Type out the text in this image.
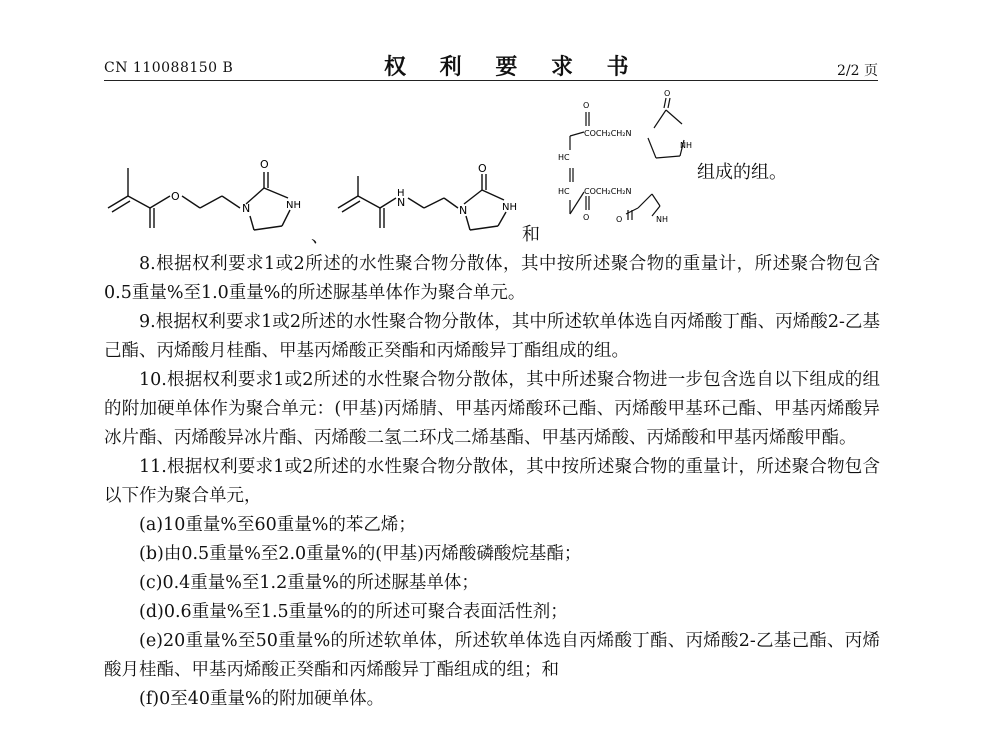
CN 110088150 B	权 利 要 求 书	2/2 页
O
N
O
NH
、
H
N
N
O
NH
和
O
COCH₂CH₂N
HC
HC COCH₂CH₂N
O
O
NH
O	NH
组成的组。

8.根据权利要求1或2所述的水性聚合物分散体，其中按所述聚合物的重量计，所述聚合物包含0.5重量%至1.0重量%的所述脲基单体作为聚合单元。

9.根据权利要求1或2所述的水性聚合物分散体，其中所述软单体选自丙烯酸丁酯、丙烯酸2-乙基己酯、丙烯酸月桂酯、甲基丙烯酸正癸酯和丙烯酸异丁酯组成的组。

10.根据权利要求1或2所述的水性聚合物分散体，其中所述聚合物进一步包含选自以下组成的组的附加硬单体作为聚合单元：(甲基)丙烯腈、甲基丙烯酸环己酯、丙烯酸甲基环己酯、甲基丙烯酸异冰片酯、丙烯酸异冰片酯、丙烯酸二氢二环戊二烯基酯、甲基丙烯酸、丙烯酸和甲基丙烯酸甲酯。

11.根据权利要求1或2所述的水性聚合物分散体，其中按所述聚合物的重量计，所述聚合物包含以下作为聚合单元，

(a)10重量%至60重量%的苯乙烯；

(b)由0.5重量%至2.0重量%的(甲基)丙烯酸磷酸烷基酯；

(c)0.4重量%至1.2重量%的所述脲基单体；

(d)0.6重量%至1.5重量%的的所述可聚合表面活性剂；

(e)20重量%至50重量%的所述软单体，所述软单体选自丙烯酸丁酯、丙烯酸2-乙基己酯、丙烯酸月桂酯、甲基丙烯酸正癸酯和丙烯酸异丁酯组成的组；和

(f)0至40重量%的附加硬单体。
